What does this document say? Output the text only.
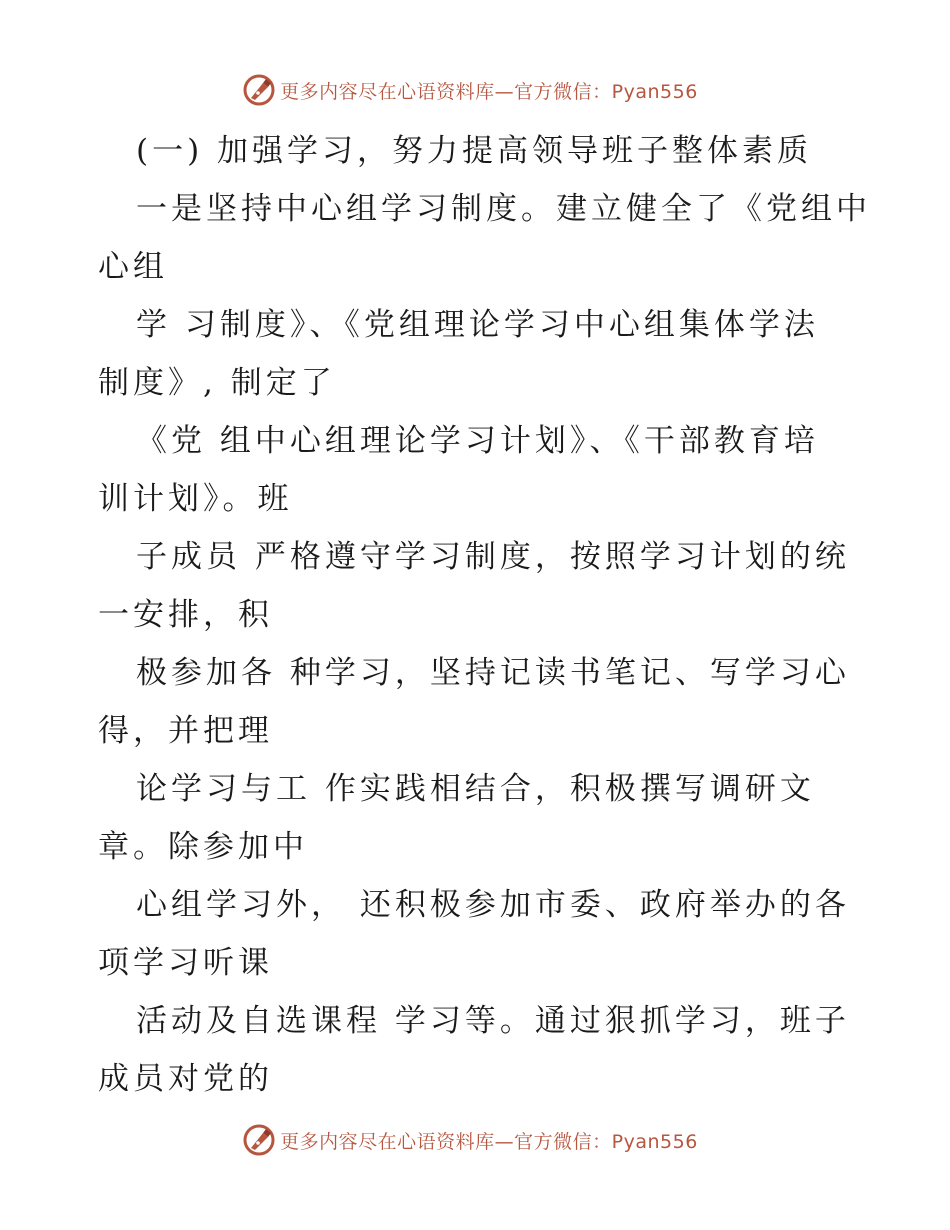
更多内容尽在心语资料库—官方微信：Pyan556
(一) 加强学习，努力提高领导班子整体素质
一是坚持中心组学习制度。建立健全了《党组中
心组
学 习制度》、《党组理论学习中心组集体学法
制度》, 制定了
《党 组中心组理论学习计划》、《干部教育培
训计划》。班
子成员 严格遵守学习制度，按照学习计划的统
一安排，积
极参加各 种学习，坚持记读书笔记、写学习心
得，并把理
论学习与工 作实践相结合，积极撰写调研文
章。除参加中
心组学习外， 还积极参加市委、政府举办的各
项学习听课
活动及自选课程 学习等。通过狠抓学习，班子
成员对党的
更多内容尽在心语资料库—官方微信：Pyan556
